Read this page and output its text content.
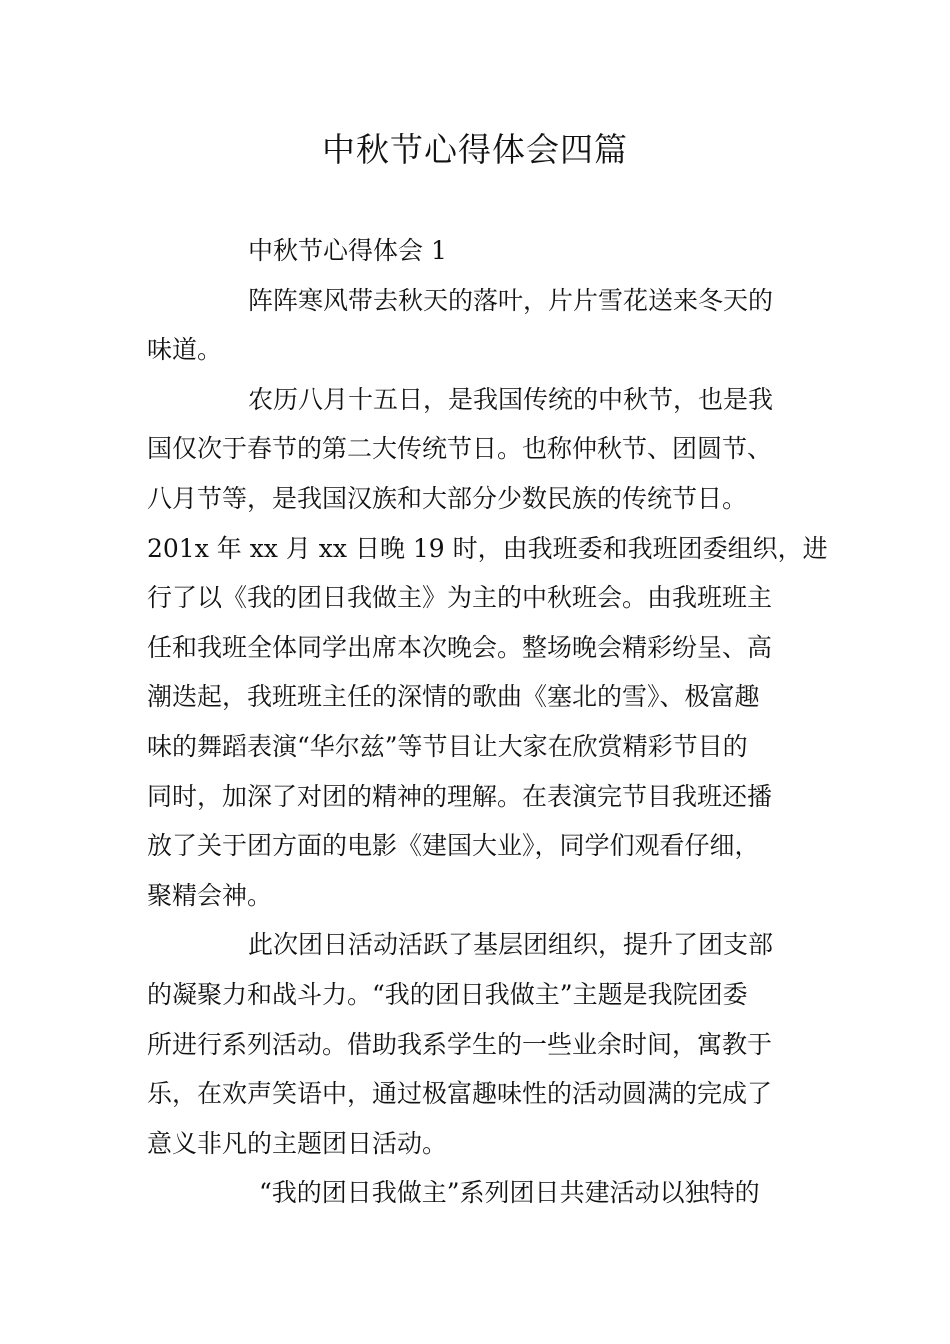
中秋节心得体会四篇

中秋节心得体会 1

阵阵寒风带去秋天的落叶，片片雪花送来冬天的
味道。

农历八月十五日，是我国传统的中秋节，也是我
国仅次于春节的第二大传统节日。也称仲秋节、团圆节、
八月节等，是我国汉族和大部分少数民族的传统节日。
201x 年 xx 月 xx 日晚 19 时，由我班委和我班团委组织，进
行了以《我的团日我做主》为主的中秋班会。由我班班主
任和我班全体同学出席本次晚会。整场晚会精彩纷呈、高
潮迭起，我班班主任的深情的歌曲《塞北的雪》、极富趣
味的舞蹈表演“华尔兹”等节目让大家在欣赏精彩节目的
同时，加深了对团的精神的理解。在表演完节目我班还播
放了关于团方面的电影《建国大业》，同学们观看仔细，
聚精会神。

此次团日活动活跃了基层团组织，提升了团支部
的凝聚力和战斗力。“我的团日我做主”主题是我院团委
所进行系列活动。借助我系学生的一些业余时间，寓教于
乐，在欢声笑语中，通过极富趣味性的活动圆满的完成了
意义非凡的主题团日活动。

“我的团日我做主”系列团日共建活动以独特的
